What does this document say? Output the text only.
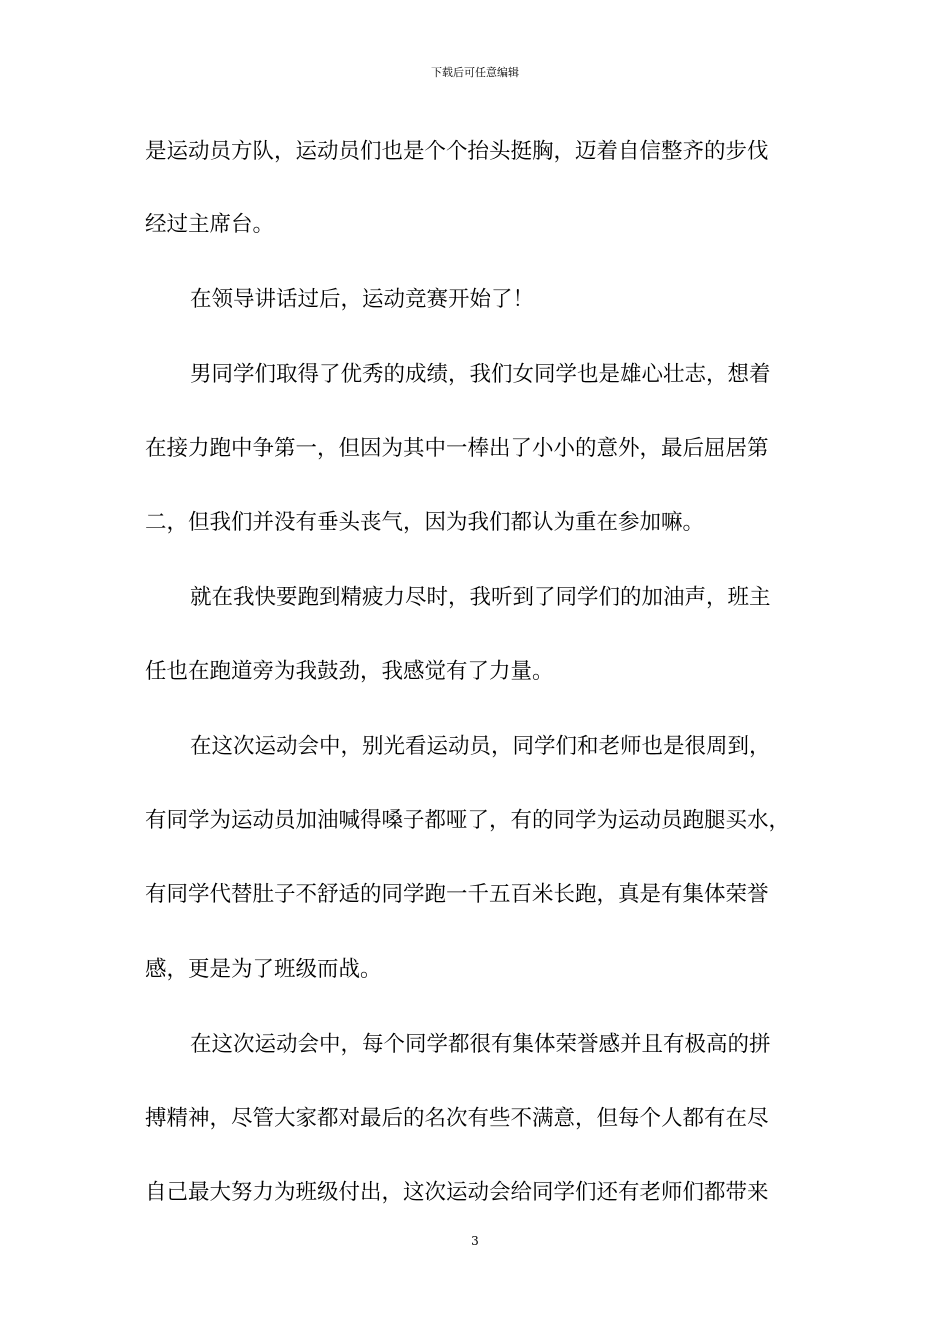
下载后可任意编辑
是运动员方队，运动员们也是个个抬头挺胸，迈着自信整齐的步伐
经过主席台。
在领导讲话过后，运动竞赛开始了！
男同学们取得了优秀的成绩，我们女同学也是雄心壮志，想着
在接力跑中争第一，但因为其中一棒出了小小的意外，最后屈居第
二，但我们并没有垂头丧气，因为我们都认为重在参加嘛。
就在我快要跑到精疲力尽时，我听到了同学们的加油声，班主
任也在跑道旁为我鼓劲，我感觉有了力量。
在这次运动会中，别光看运动员，同学们和老师也是很周到，
有同学为运动员加油喊得嗓子都哑了，有的同学为运动员跑腿买水，
有同学代替肚子不舒适的同学跑一千五百米长跑，真是有集体荣誉
感，更是为了班级而战。
在这次运动会中，每个同学都很有集体荣誉感并且有极高的拼
搏精神，尽管大家都对最后的名次有些不满意，但每个人都有在尽
自己最大努力为班级付出，这次运动会给同学们还有老师们都带来
3
